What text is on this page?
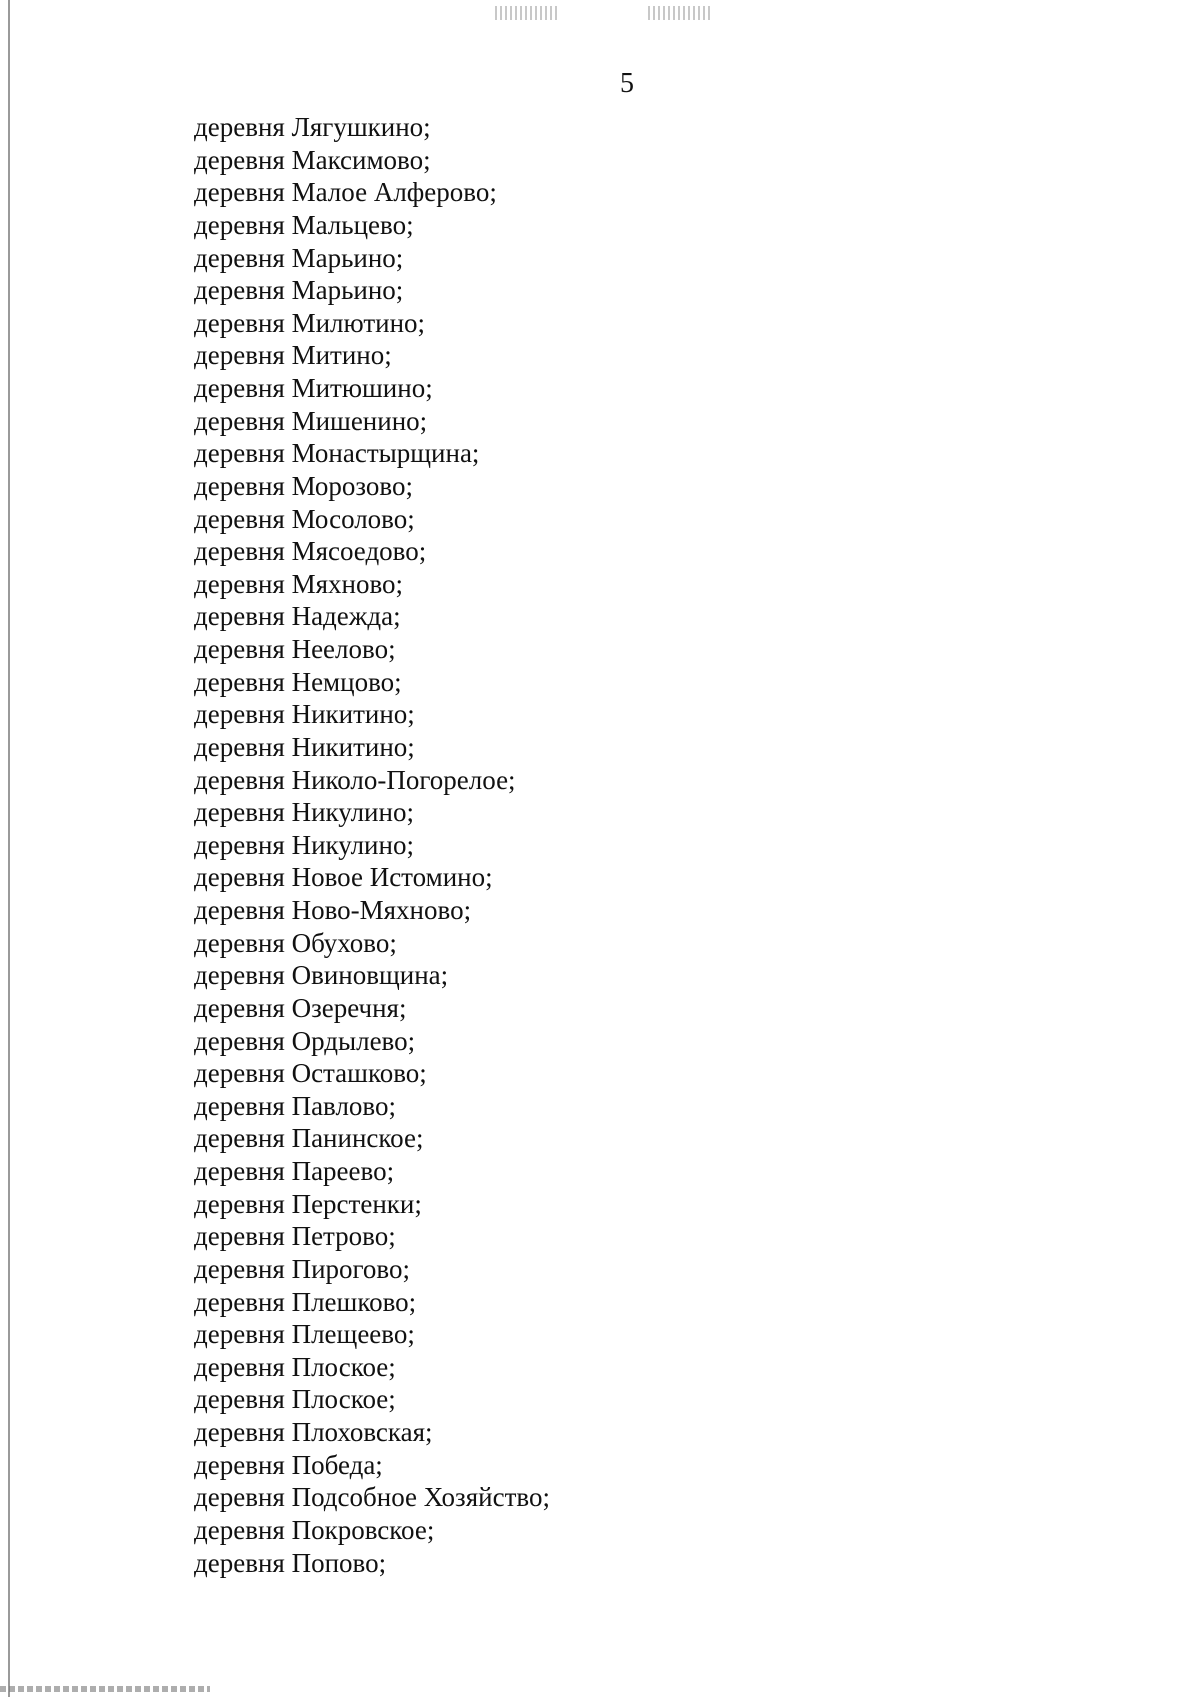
5
деревня Лягушкино;
деревня Максимово;
деревня Малое Алферово;
деревня Мальцево;
деревня Марьино;
деревня Марьино;
деревня Милютино;
деревня Митино;
деревня Митюшино;
деревня Мишенино;
деревня Монастырщина;
деревня Морозово;
деревня Мосолово;
деревня Мясоедово;
деревня Мяхново;
деревня Надежда;
деревня Неелово;
деревня Немцово;
деревня Никитино;
деревня Никитино;
деревня Николо-Погорелое;
деревня Никулино;
деревня Никулино;
деревня Новое Истомино;
деревня Ново-Мяхново;
деревня Обухово;
деревня Овиновщина;
деревня Озеречня;
деревня Ордылево;
деревня Осташково;
деревня Павлово;
деревня Панинское;
деревня Пареево;
деревня Перстенки;
деревня Петрово;
деревня Пирогово;
деревня Плешково;
деревня Плещеево;
деревня Плоское;
деревня Плоское;
деревня Плоховская;
деревня Победа;
деревня Подсобное Хозяйство;
деревня Покровское;
деревня Попово;
